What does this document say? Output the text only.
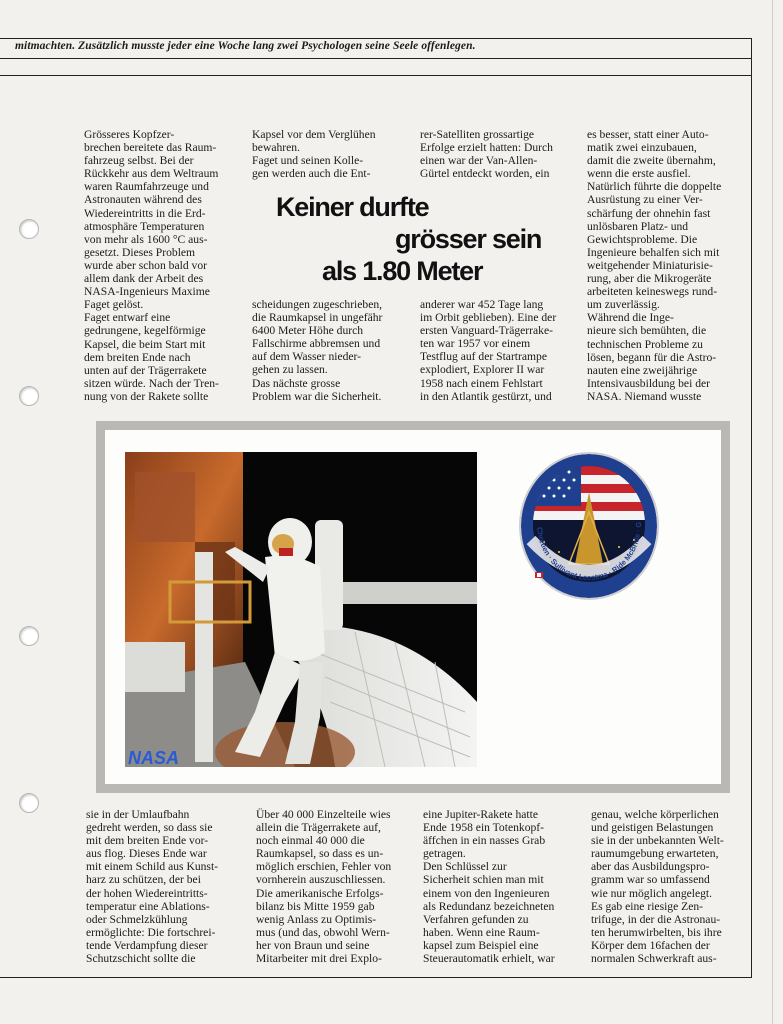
mitmachten. Zusätzlich musste jeder eine Woche lang zwei Psychologen seine Seele offenlegen.
Grösseres Kopfzer-
brechen bereitete das Raum-
fahrzeug selbst. Bei der
Rückkehr aus dem Weltraum
waren Raumfahrzeuge und
Astronauten während des
Wiedereintritts in die Erd-
atmosphäre Temperaturen
von mehr als 1600 °C aus-
gesetzt. Dieses Problem
wurde aber schon bald vor
allem dank der Arbeit des
NASA-Ingenieurs Maxime
Faget gelöst.
Faget entwarf eine
gedrungene, kegelförmige
Kapsel, die beim Start mit
dem breiten Ende nach
unten auf der Trägerrakete
sitzen würde. Nach der Tren-
nung von der Rakete sollte
Kapsel vor dem Verglühen
bewahren.
Faget und seinen Kolle-
gen werden auch die Ent-
rer-Satelliten grossartige
Erfolge erzielt hatten: Durch
einen war der Van-Allen-
Gürtel entdeckt worden, ein
es besser, statt einer Auto-
matik zwei einzubauen,
damit die zweite übernahm,
wenn die erste ausfiel.
Natürlich führte die doppelte
Ausrüstung zu einer Ver-
schärfung der ohnehin fast
unlösbaren Platz- und
Gewichtsprobleme. Die
Ingenieure behalfen sich mit
weitgehender Miniaturisie-
rung, aber die Mikrogeräte
arbeiteten keineswegs rund-
um zuverlässig.
Während die Inge-
nieure sich bemühten, die
technischen Probleme zu
lösen, begann für die Astro-
nauten eine zweijährige
Intensivausbildung bei der
NASA. Niemand wusste
scheidungen zugeschrieben,
die Raumkapsel in ungefähr
6400 Meter Höhe durch
Fallschirme abbremsen und
auf dem Wasser nieder-
gehen zu lassen.
Das nächste grosse
Problem war die Sicherheit.
anderer war 452 Tage lang
im Orbit geblieben). Eine der
ersten Vanguard-Trägerrake-
ten war 1957 vor einem
Testflug auf der Startrampe
explodiert, Explorer II war
1958 nach einem Fehlstart
in den Atlantik gestürzt, und
Keiner durfte
grösser sein
als 1.80 Meter
NASA
Chrétien · Sullivant Leestma · Ride McBride · G
sie in der Umlaufbahn
gedreht werden, so dass sie
mit dem breiten Ende vor-
aus flog. Dieses Ende war
mit einem Schild aus Kunst-
harz zu schützen, der bei
der hohen Wiedereintritts-
temperatur eine Ablations-
oder Schmelzkühlung
ermöglichte: Die fortschrei-
tende Verdampfung dieser
Schutzschicht sollte die
Über 40 000 Einzelteile wies
allein die Trägerrakete auf,
noch einmal 40 000 die
Raumkapsel, so dass es un-
möglich erschien, Fehler von
vornherein auszuschliessen.
Die amerikanische Erfolgs-
bilanz bis Mitte 1959 gab
wenig Anlass zu Optimis-
mus (und das, obwohl Wern-
her von Braun und seine
Mitarbeiter mit drei Explo-
eine Jupiter-Rakete hatte
Ende 1958 ein Totenkopf-
äffchen in ein nasses Grab
getragen.
Den Schlüssel zur
Sicherheit schien man mit
einem von den Ingenieuren
als Redundanz bezeichneten
Verfahren gefunden zu
haben. Wenn eine Raum-
kapsel zum Beispiel eine
Steuerautomatik erhielt, war
genau, welche körperlichen
und geistigen Belastungen
sie in der unbekannten Welt-
raumumgebung erwarteten,
aber das Ausbildungspro-
gramm war so umfassend
wie nur möglich angelegt.
Es gab eine riesige Zen-
trifuge, in der die Astronau-
ten herumwirbelten, bis ihre
Körper dem 16fachen der
normalen Schwerkraft aus-
